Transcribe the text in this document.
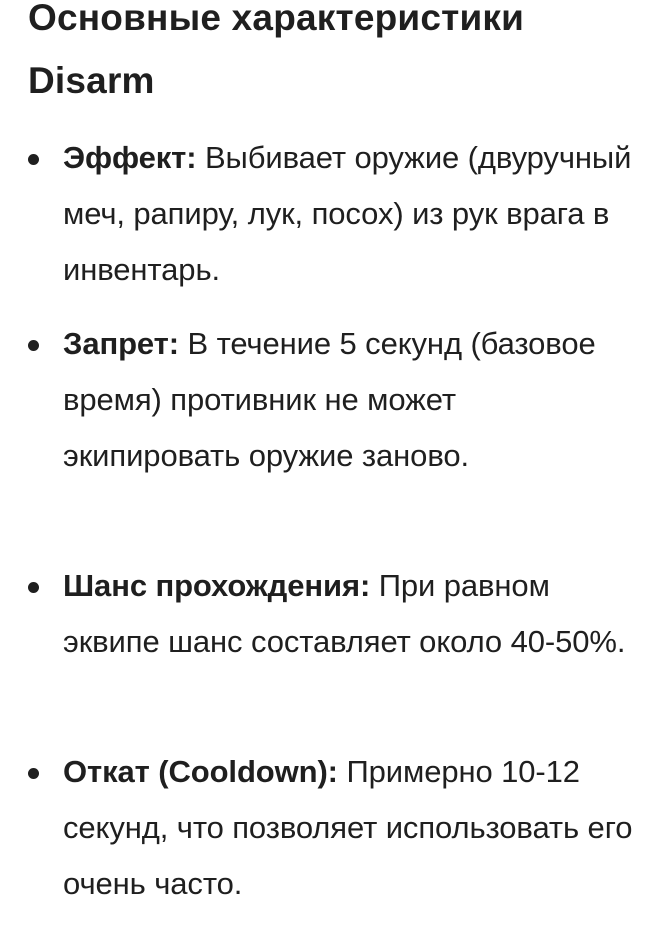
Основные характеристики Disarm

Эффект: Выбивает оружие (двуручный меч, рапиру, лук, посох) из рук врага в инвентарь.

Запрет: В течение 5 секунд (базовое время) противник не может экипировать оружие заново.

Шанс прохождения: При равном эквипе шанс составляет около 40-50%.

Откат (Cooldown): Примерно 10-12 секунд, что позволяет использовать его очень часто.
